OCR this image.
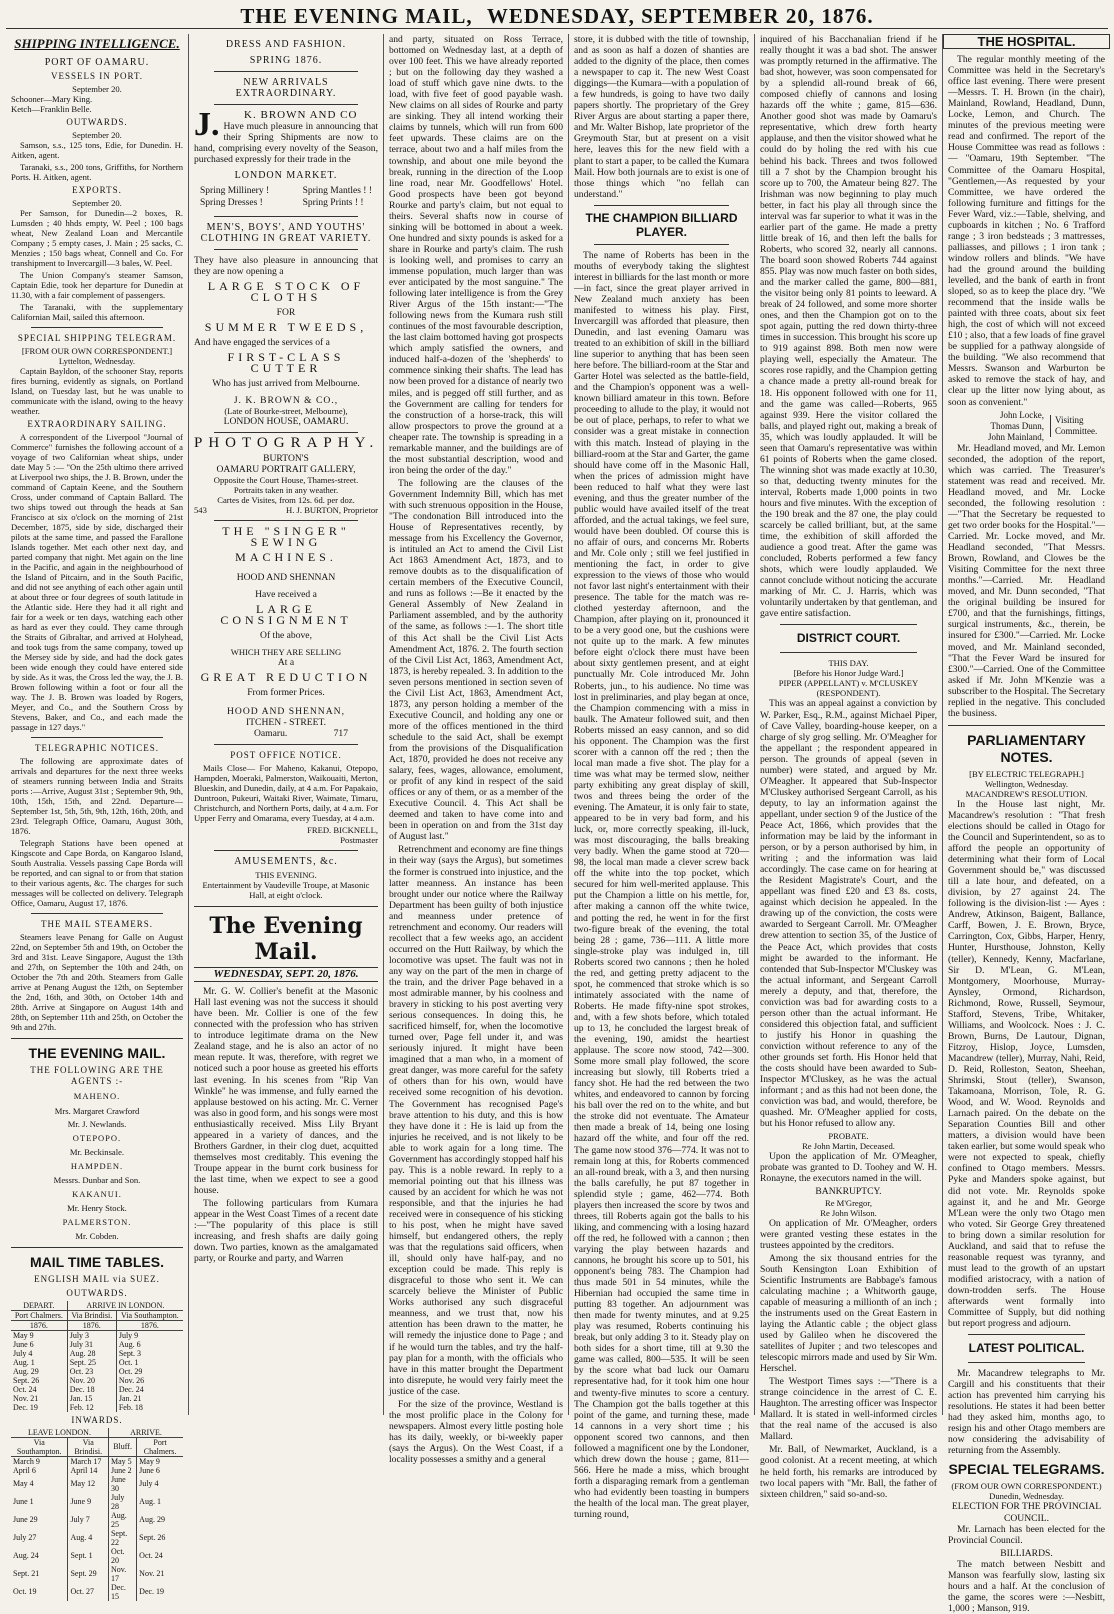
THE EVENING MAIL, WEDNESDAY, SEPTEMBER 20, 1876.
SHIPPING INTELLIGENCE.
PORT OF OAMARU.
VESSELS IN PORT.
September 20.
Schooner—Mary King.
Ketch—Franklin Belle.
OUTWARDS.
September 20.

Samson, s.s., 125 tons, Edie, for Dunedin. H. Aitken, agent.

Taranaki, s.s., 200 tons, Griffiths, for Northern Ports. H. Aitken, agent.

EXPORTS.
September 20.

Per Samson, for Dunedin—2 boxes, R. Lumsden ; 40 hhds empty, W. Peel ; 100 bags wheat, New Zealand Loan and Mercantile Company ; 5 empty cases, J. Main ; 25 sacks, C. Menzies ; 150 bags wheat, Connell and Co. For transhipment to Invercargill—3 bales, W. Peel.

The Union Company's steamer Samson, Captain Edie, took her departure for Dunedin at 11.30, with a fair complement of passengers.

The Taranaki, with the supplementary Californian Mail, sailed this afternoon.

SPECIAL SHIPPING TELEGRAM.
[FROM OUR OWN CORRESPONDENT.]
Lyttelton, Wednesday.

Captain Bayldon, of the schooner Stay, reports fires burning, evidently as signals, on Portland Island, on Tuesday last, but he was unable to communicate with the island, owing to the heavy weather.

EXTRAORDINARY SAILING.

A correspondent of the Liverpool "Journal of Commerce" furnishes the following account of a voyage of two Californian wheat ships, under date May 5 :— "On the 25th ultimo there arrived at Liverpool two ships, the J. B. Brown, under the command of Captain Keene, and the Southern Cross, under command of Captain Ballard. The two ships towed out through the heads at San Francisco at six o'clock on the morning of 21st December, 1875, side by side, discharged their pilots at the same time, and passed the Farallone Islands together. Met each other next day, and parted company that night. Met again on the line in the Pacific, and again in the neighbourhood of the Island of Pitcairn, and in the South Pacific, and did not see anything of each other again until at about three or four degrees of south latitude in the Atlantic side. Here they had it all right and fair for a week or ten days, watching each other as hard as ever they could. They came through the Straits of Gibraltar, and arrived at Holyhead, and took tugs from the same company, towed up the Mersey side by side, and had the dock gates been wide enough they could have entered side by side. As it was, the Cross led the way, the J. B. Brown following within a foot or four all the way. The J. B. Brown was loaded by Rogers, Meyer, and Co., and the Southern Cross by Stevens, Baker, and Co., and each made the passage in 127 days."

TELEGRAPHIC NOTICES.

The following are approximate dates of arrivals and departures for the next three weeks of steamers running between India and Straits ports :—Arrive, August 31st ; September 9th, 9th, 10th, 15th, 15th, and 22nd. Departure—September 1st, 5th, 5th, 9th, 12th, 16th, 20th, and 23rd. Telegraph Office, Oamaru, August 30th, 1876.

Telegraph Stations have been opened at Kingscote and Cape Borda, on Kangaroo Island, South Australia. Vessels passing Cape Borda will be reported, and can signal to or from that station to their various agents, &c. The charges for such messages will be collected on delivery. Telegraph Office, Oamaru, August 17, 1876.

THE MAIL STEAMERS.

Steamers leave Penang for Galle on August 22nd, on September 5th and 19th, on October the 3rd and 31st. Leave Singapore, August the 13th and 27th, on September the 10th and 24th, on October the 7th and 20th. Steamers from Galle arrive at Penang August the 12th, on September the 2nd, 16th, and 30th, on October 14th and 28th. Arrive at Singapore on August 14th and 28th, on September 11th and 25th, on October the 9th and 27th.

THE EVENING MAIL.
THE FOLLOWING ARE THE AGENTS :-
MAHENO.
Mrs. Margaret Crawford
Mr. J. Newlands.
OTEPOPO.
Mr. Beckinsale.
HAMPDEN.
Messrs. Dunbar and Son.
KAKANUI.
Mr. Henry Stock.
PALMERSTON.
Mr. Cobden.
MAIL TIME TABLES.
ENGLISH MAIL via SUEZ.
OUTWARDS.
DEPART.	ARRIVE IN LONDON.	
Port Chalmers.	Via Brindisi.	Via Southampton.
1876.	1876.	1876.
May 9	July 3	July 9
June 6	July 31	Aug. 6
July 4	Aug. 28	Sept. 3
Aug. 1	Sept. 25	Oct. 1
Aug. 29	Oct. 23	Oct. 29
Sept. 26	Nov. 20	Nov. 26
Oct. 24	Dec. 18	Dec. 24
Nov. 21	Jan. 15	Jan. 21
Dec. 19	Feb. 12	Feb. 18
INWARDS.
LEAVE LONDON.		ARRIVE.	
Via Southampton.	Via Brindisi.	Bluff.	Port Chalmers.
March 9	March 17	May 5	May 9
April 6	April 14	June 2	June 6
May 4	May 12	June 30	July 4
June 1	June 9	July 28	Aug. 1
June 29	July 7	Aug. 25	Aug. 29
July 27	Aug. 4	Sept. 22	Sept. 26
Aug. 24	Sept. 1	Oct. 20	Oct. 24
Sept. 21	Sept. 29	Nov. 17	Nov. 21
Oct. 19	Oct. 27	Dec. 15	Dec. 19
DRESS AND FASHION.
SPRING 1876.
NEW ARRIVALS EXTRAORDINARY.
J.	K. BROWN AND CO

Have much pleasure in announcing that their Spring Shipments are now to hand, comprising every novelty of the Season, purchased expressly for their trade in the

LONDON MARKET.
Spring Millinery !
Spring Dresses !
Spring Mantles ! !
Spring Prints ! !
MEN'S, BOYS', AND YOUTHS' CLOTHING IN GREAT VARIETY.

They have also pleasure in announcing that they are now opening a

LARGE STOCK OF CLOTHS
FOR
SUMMER TWEEDS,

And have engaged the services of a

FIRST-CLASS CUTTER
Who has just arrived from Melbourne.
J. K. BROWN & CO.,
(Late of Bourke-street, Melbourne),
LONDON HOUSE, OAMARU.
PHOTOGRAPHY.
BURTON'S
OAMARU PORTRAIT GALLERY,
Opposite the Court House, Thames-street.
Portraits taken in any weather.
Cartes de Visites, from 12s. 6d. per doz.
543	H. J. BURTON, Proprietor
THE "SINGER" SEWING
MACHINES.
HOOD AND SHENNAN
Have received a
LARGE CONSIGNMENT
Of the above,
WHICH THEY ARE SELLING
At a
GREAT REDUCTION
From former Prices.
HOOD AND SHENNAN,
ITCHEN - STREET.
Oamaru.	717
POST OFFICE NOTICE.

Mails Close— For Maheno, Kakanui, Otepopo, Hampden, Moeraki, Palmerston, Waikouaiti, Merton, Blueskin, and Dunedin, daily, at 4 a.m. For Papakaio, Duntroon, Pukeuri, Waitaki River, Waimate, Timaru, Christchurch, and Northern Ports, daily, at 4 a.m. For Upper Ferry and Omarama, every Tuesday, at 4 a.m.

FRED. BICKNELL,
Postmaster
AMUSEMENTS, &c.
THIS EVENING.
Entertainment by Vaudeville Troupe, at Masonic Hall, at eight o'clock.
The Evening Mail.
WEDNESDAY, SEPT. 20, 1876.

Mr. G. W. Collier's benefit at the Masonic Hall last evening was not the success it should have been. Mr. Collier is one of the few connected with the profession who has striven to introduce legitimate drama on the New Zealand stage, and he is also an actor of no mean repute. It was, therefore, with regret we noticed such a poor house as greeted his efforts last evening. In his scenes from "Rip Van Winkle" he was immense, and fully earned the applause bestowed on his acting. Mr. C. Verner was also in good form, and his songs were most enthusiastically received. Miss Lily Bryant appeared in a variety of dances, and the Brothers Gardner, in their clog duet, acquitted themselves most creditably. This evening the Troupe appear in the burnt cork business for the last time, when we expect to see a good house.

The following particulars from Kumara appear in the West Coast Times of a recent date :—"The popularity of this place is still increasing, and fresh shafts are daily going down. Two parties, known as the amalgamated party, or Rourke and party, and Warren

and party, situated on Ross Terrace, bottomed on Wednesday last, at a depth of over 100 feet. This we have already reported ; but on the following day they washed a load of stuff which gave nine dwts. to the load, with five feet of good payable wash. New claims on all sides of Rourke and party are sinking. They all intend working their claims by tunnels, which will run from 600 feet upwards. These claims are on the terrace, about two and a half miles from the township, and about one mile beyond the break, running in the direction of the Loop line road, near Mr. Goodfellows' Hotel. Good prospects have been got beyond Rourke and party's claim, but not equal to theirs. Several shafts now in course of sinking will be bottomed in about a week. One hundred and sixty pounds is asked for a share in Rourke and party's claim. The rush is looking well, and promises to carry an immense population, much larger than was ever anticipated by the most sanguine." The following later intelligence is from the Grey River Argus of the 15th instant:—"The following news from the Kumara rush still continues of the most favourable description, the last claim bottomed having got prospects which amply satisfied the owners, and induced half-a-dozen of the 'shepherds' to commence sinking their shafts. The lead has now been proved for a distance of nearly two miles, and is pegged off still further, and as the Government are calling for tenders for the construction of a horse-track, this will allow prospectors to prove the ground at a cheaper rate. The township is spreading in a remarkable manner, and the buildings are of the most substantial description, wood and iron being the order of the day."

The following are the clauses of the Government Indemnity Bill, which has met with such strenuous opposition in the House, "The condonation Bill introduced into the House of Representatives recently, by message from his Excellency the Governor, is intituled an Act to amend the Civil List Act 1863 Amendment Act, 1873, and to remove doubts as to the disqualification of certain members of the Executive Council, and runs as follows :—Be it enacted by the General Assembly of New Zealand in Parliament assembled, and by the authority of the same, as follows :—1. The short title of this Act shall be the Civil List Acts Amendment Act, 1876. 2. The fourth section of the Civil List Act, 1863, Amendment Act, 1873, is hereby repealed. 3. In addition to the seven persons mentioned in section seven of the Civil List Act, 1863, Amendment Act, 1873, any person holding a member of the Executive Council, and holding any one or more of the offices mentioned in the third schedule to the said Act, shall be exempt from the provisions of the Disqualification Act, 1870, provided he does not receive any salary, fees, wages, allowance, emolument, or profit of any kind in respect of the said offices or any of them, or as a member of the Executive Council. 4. This Act shall be deemed and taken to have come into and been in operation on and from the 31st day of August last."

Retrenchment and economy are fine things in their way (says the Argus), but sometimes the former is construed into injustice, and the latter meanness. An instance has been brought under our notice where the Railway Department has been guilty of both injustice and meanness under pretence of retrenchment and economy. Our readers will recollect that a few weeks ago, an accident occurred on the Hutt Railway, by which the locomotive was upset. The fault was not in any way on the part of the men in charge of the train, and the driver Page behaved in a most admirable manner, by his coolness and bravery in sticking to his post averting very serious consequences. In doing this, he sacrificed himself, for, when the locomotive turned over, Page fell under it, and was seriously injured. It might have been imagined that a man who, in a moment of great danger, was more careful for the safety of others than for his own, would have received some recognition of his devotion. The Government has recognised Page's brave attention to his duty, and this is how they have done it : He is laid up from the injuries he received, and is not likely to be able to work again for a long time. The Government has accordingly stopped half his pay. This is a noble reward. In reply to a memorial pointing out that his illness was caused by an accident for which he was not responsible, and that the injuries he had received were in consequence of his sticking to his post, when he might have saved himself, but endangered others, the reply was that the regulations said officers, when ill, should only have half-pay, and no exception could be made. This reply is disgraceful to those who sent it. We can scarcely believe the Minister of Public Works authorised any such disgraceful meanness, and we trust that, now his attention has been drawn to the matter, he will remedy the injustice done to Page ; and if he would turn the tables, and try the half-pay plan for a month, with the officials who have in this matter brought the Department into disrepute, he would very fairly meet the justice of the case.

For the size of the province, Westland is the most prolific place in the Colony for newspapers. Almost every little posting hole has its daily, weekly, or bi-weekly paper (says the Argus). On the West Coast, if a locality possesses a smithy and a general

store, it is dubbed with the title of township, and as soon as half a dozen of shanties are added to the dignity of the place, then comes a newspaper to cap it. The new West Coast diggings—the Kumara—with a population of a few hundreds, is going to have two daily papers shortly. The proprietary of the Grey River Argus are about starting a paper there, and Mr. Walter Bishop, late proprietor of the Greymouth Star, but at present on a visit here, leaves this for the new field with a plant to start a paper, to be called the Kumara Mail. How both journals are to exist is one of those things which "no fellah can understand."

THE CHAMPION BILLIARD PLAYER.

The name of Roberts has been in the mouths of everybody taking the slightest interest in billiards for the last month or more—in fact, since the great player arrived in New Zealand much anxiety has been manifested to witness his play. First, Invercargill was afforded that pleasure, then Dunedin, and last evening Oamaru was treated to an exhibition of skill in the billiard line superior to anything that has been seen here before. The billiard-room at the Star and Garter Hotel was selected as the battle-field, and the Champion's opponent was a well-known billiard amateur in this town. Before proceeding to allude to the play, it would not be out of place, perhaps, to refer to what we consider was a great mistake in connection with this match. Instead of playing in the billiard-room at the Star and Garter, the game should have come off in the Masonic Hall, when the prices of admission might have been reduced to half what they were last evening, and thus the greater number of the public would have availed itself of the treat afforded, and the actual takings, we feel sure, would have been doubled. Of course this is no affair of ours, and concerns Mr. Roberts and Mr. Cole only ; still we feel justified in mentioning the fact, in order to give expression to the views of those who would not favor last night's entertainment with their presence. The table for the match was re-clothed yesterday afternoon, and the Champion, after playing on it, pronounced it to be a very good one, but the cushions were not quite up to the mark. A few minutes before eight o'clock there must have been about sixty gentlemen present, and at eight punctually Mr. Cole introduced Mr. John Roberts, jun., to his audience. No time was lost in preliminaries, and play began at once, the Champion commencing with a miss in baulk. The Amateur followed suit, and then Roberts missed an easy cannon, and so did his opponent. The Champion was the first scorer with a cannon off the red ; then the local man made a five shot. The play for a time was what may be termed slow, neither party exhibiting any great display of skill, twos and threes being the order of the evening. The Amateur, it is only fair to state, appeared to be in very bad form, and his luck, or, more correctly speaking, ill-luck, was most discouraging, the balls breaking very badly. When the game stood at 720—98, the local man made a clever screw back off the white into the top pocket, which secured for him well-merited applause. This put the Champion a little on his mettle, for, after making a cannon off the white twice, and potting the red, he went in for the first two-figure break of the evening, the total being 28 ; game, 736—111. A little more single-stroke play was indulged in, till Roberts scored two cannons ; then he holed the red, and getting pretty adjacent to the spot, he commenced that stroke which is so intimately associated with the name of Roberts. He made fifty-nine spot strokes, and, with a few shots before, which totaled up to 13, he concluded the largest break of the evening, 190, amidst the heartiest applause. The score now stood, 742—300. Some more small play followed, the score increasing but slowly, till Roberts tried a fancy shot. He had the red between the two whites, and endeavored to cannon by forcing his ball over the red on to the white, and but the stroke did not eventuate. The Amateur then made a break of 14, being one losing hazard off the white, and four off the red. The game now stood 376—774. It was not to remain long at this, for Roberts commenced an all-round break, with a 3, and then nursing the balls carefully, he put 87 together in splendid style ; game, 462—774. Both players then increased the score by twos and threes, till Roberts again got the balls to his liking, and commencing with a losing hazard off the red, he followed with a cannon ; then varying the play between hazards and cannons, he brought his score up to 501, his opponent's being 783. The Champion had thus made 501 in 54 minutes, while the Hibernian had occupied the same time in putting 83 together. An adjournment was then made for twenty minutes, and at 9.25 play was resumed, Roberts continuing his break, but only adding 3 to it. Steady play on both sides for a short time, till at 9.30 the game was called, 800—535. It will be seen by the score what bad luck our Oamaru representative had, for it took him one hour and twenty-five minutes to score a century. The Champion got the balls together at this point of the game, and turning these, made 14 cannons in a very short time ; his opponent scored two cannons, and then followed a magnificent one by the Londoner, which drew down the house ; game, 811—566. Here he made a miss, which brought forth a disparaging remark from a gentleman who had evidently been toasting in bumpers the health of the local man. The great player, turning round,

inquired of his Bacchanalian friend if he really thought it was a bad shot. The answer was promptly returned in the affirmative. The bad shot, however, was soon compensated for by a splendid all-round break of 66, composed chiefly of cannons and losing hazards off the white ; game, 815—636. Another good shot was made by Oamaru's representative, which drew forth hearty applause, and then the visitor showed what he could do by holing the red with his cue behind his back. Threes and twos followed till a 7 shot by the Champion brought his score up to 700, the Amateur being 827. The Irishman was now beginning to play much better, in fact his play all through since the interval was far superior to what it was in the earlier part of the game. He made a pretty little break of 16, and then left the balls for Roberts, who scored 32, nearly all cannons. The board soon showed Roberts 744 against 855. Play was now much faster on both sides, and the marker called the game, 800—881, the visitor being only 81 points to leeward. A break of 24 followed, and some more shorter ones, and then the Champion got on to the spot again, putting the red down thirty-three times in succession. This brought his score up to 919 against 898. Both men now were playing well, especially the Amateur. The scores rose rapidly, and the Champion getting a chance made a pretty all-round break for 18. His opponent followed with one for 11, and the game was called—Roberts, 965 against 939. Here the visitor collared the balls, and played right out, making a break of 35, which was loudly applauded. It will be seen that Oamaru's representative was within 61 points of Roberts when the game closed. The winning shot was made exactly at 10.30, so that, deducting twenty minutes for the interval, Roberts made 1,000 points in two hours and five minutes. With the exception of the 190 break and the 87 one, the play could scarcely be called brilliant, but, at the same time, the exhibition of skill afforded the audience a good treat. After the game was concluded, Roberts performed a few fancy shots, which were loudly applauded. We cannot conclude without noticing the accurate marking of Mr. C. J. Harris, which was voluntarily undertaken by that gentleman, and gave entire satisfaction.

DISTRICT COURT.
THIS DAY.
[Before his Honor Judge Ward.]
PIPER (APPELLANT) v. M'CLUSKEY (RESPONDENT).

This was an appeal against a conviction by W. Parker, Esq., R.M., against Michael Piper, of Cave Valley, boarding-house keeper, on a charge of sly grog selling. Mr. O'Meagher for the appellant ; the respondent appeared in person. The grounds of appeal (seven in number) were stated, and argued by Mr. O'Meagher. It appeared that Sub-Inspector M'Cluskey authorised Sergeant Carroll, as his deputy, to lay an information against the appellant, under section 9 of the Justice of the Peace Act, 1866, which provides that the information may be laid by the informant in person, or by a person authorised by him, in writing ; and the information was laid accordingly. The case came on for hearing at the Resident Magistrate's Court, and the appellant was fined £20 and £3 8s. costs, against which decision he appealed. In the drawing up of the conviction, the costs were awarded to Sergeant Carroll. Mr. O'Meagher drew attention to section 35, of the Justice of the Peace Act, which provides that costs might be awarded to the informant. He contended that Sub-Inspector M'Cluskey was the actual informant, and Sergeant Carroll merely a deputy, and that, therefore, the conviction was bad for awarding costs to a person other than the actual informant. He considered this objection fatal, and sufficient to justify his Honor in quashing the conviction without reference to any of the other grounds set forth. His Honor held that the costs should have been awarded to Sub-Inspector M'Cluskey, as he was the actual informant ; and as this had not been done, the conviction was bad, and would, therefore, be quashed. Mr. O'Meagher applied for costs, but his Honor refused to allow any.

PROBATE.
Re John Martin, Deceased.

Upon the application of Mr. O'Meagher, probate was granted to D. Toohey and W. H. Ronayne, the executors named in the will.

BANKRUPTCY.
Re M'Gregor,
Re John Wilson.

On application of Mr. O'Meagher, orders were granted vesting these estates in the trustees appointed by the creditors.

Among the six thousand entries for the South Kensington Loan Exhibition of Scientific Instruments are Babbage's famous calculating machine ; a Whitworth gauge, capable of measuring a millionth of an inch ; the instruments used on the Great Eastern in laying the Atlantic cable ; the object glass used by Galileo when he discovered the satellites of Jupiter ; and two telescopes and telescopic mirrors made and used by Sir Wm. Herschel.

The Westport Times says :—"There is a strange coincidence in the arrest of C. E. Haughton. The arresting officer was Inspector Mallard. It is stated in well-informed circles that the real name of the accused is also Mallard.

Mr. Ball, of Newmarket, Auckland, is a good colonist. At a recent meeting, at which he held forth, his remarks are introduced by two local papers with "Mr. Ball, the father of sixteen children," said so-and-so.

THE HOSPITAL.

The regular monthly meeting of the Committee was held in the Secretary's office last evening. There were present—Messrs. T. H. Brown (in the chair), Mainland, Rowland, Headland, Dunn, Locke, Lemon, and Church. The minutes of the previous meeting were read and confirmed. The report of the House Committee was read as follows :— "Oamaru, 19th September. "The Committee of the Oamaru Hospital, "Gentlemen,—As requested by your Committee, we have ordered the following furniture and fittings for the Fever Ward, viz.:—Table, shelving, and cupboards in kitchen ; No. 6 Trafford range ; 3 iron bedsteads ; 3 mattresses, palliasses, and pillows ; 1 iron tank ; window rollers and blinds. "We have had the ground around the building levelled, and the bank of earth in front sloped, so as to keep the place dry. "We recommend that the inside walls be painted with three coats, about six feet high, the cost of which will not exceed £10 ; also, that a few loads of fine gravel be supplied for a pathway alongside of the building. "We also recommend that Messrs. Swanson and Warburton be asked to remove the stack of hay, and clear up the litter now lying about, as soon as convenient."

John Locke,
Thomas Dunn,
John Mainland,
Visiting Committee.

Mr. Headland moved, and Mr. Lemon seconded, the adoption of the report, which was carried. The Treasurer's statement was read and received. Mr. Headland moved, and Mr. Locke seconded, the following resolution :—"That the Secretary be requested to get two order books for the Hospital."—Carried. Mr. Locke moved, and Mr. Headland seconded, "That Messrs. Brown, Rowland, and Clowes be the Visiting Committee for the next three months."—Carried. Mr. Headland moved, and Mr. Dunn seconded, "That the original building be insured for £700, and that the furnishings, fittings, surgical instruments, &c., therein, be insured for £300."—Carried. Mr. Locke moved, and Mr. Mainland seconded, "That the Fever Ward be insured for £300."—Carried. One of the Committee asked if Mr. John M'Kenzie was a subscriber to the Hospital. The Secretary replied in the negative. This concluded the business.

PARLIAMENTARY NOTES.
[BY ELECTRIC TELEGRAPH.]
Wellington, Wednesday.
MACANDREW'S RESOLUTION.

In the House last night, Mr. Macandrew's resolution : "That fresh elections should be called in Otago for the Council and Superintendent, so as to afford the people an opportunity of determining what their form of Local Government should be," was discussed till a late hour, and defeated, on a division, by 27 against 24. The following is the division-list :— Ayes : Andrew, Atkinson, Baigent, Ballance, Carff, Bowen, J. E. Brown, Bryce, Carrington, Cox, Gibbs, Harper, Henry, Hunter, Hursthouse, Johnston, Kelly (teller), Kennedy, Kenny, Macfarlane, Sir D. M'Lean, G. M'Lean, Montgomery, Moorhouse, Murray-Aynsley, Ormond, Richardson, Richmond, Rowe, Russell, Seymour, Stafford, Stevens, Tribe, Whitaker, Williams, and Woolcock. Noes : J. C. Brown, Burns, De Lautour, Dignan, Fitzroy, Hislop, Joyce, Lumsden, Macandrew (teller), Murray, Nahi, Reid, D. Reid, Rolleston, Seaton, Sheehan, Shrimski, Stout (teller), Swanson, Takamoana, Morrison, Tole, R. G. Wood, and W. Wood. Reynolds and Larnach paired. On the debate on the Separation Counties Bill and other matters, a division would have been taken earlier, but some would speak who were not expected to speak, chiefly confined to Otago members. Messrs. Pyke and Manders spoke against, but did not vote. Mr. Reynolds spoke against it, and he and Mr. George M'Lean were the only two Otago men who voted. Sir George Grey threatened to bring down a similar resolution for Auckland, and said that to refuse the reasonable request was tyranny, and must lead to the growth of an upstart modified aristocracy, with a nation of down-trodden serfs. The House afterwards went formally into Committee of Supply, but did nothing but report progress and adjourn.

LATEST POLITICAL.

Mr. Macandrew telegraphs to Mr. Cargill and his constituents that their action has prevented him carrying his resolutions. He states it had been better had they asked him, months ago, to resign his and other Otago members are now considering the advisability of returning from the Assembly.

SPECIAL TELEGRAMS.
(FROM OUR OWN CORRESPONDENT.)
Dunedin, Wednesday.
ELECTION FOR THE PROVINCIAL COUNCIL.

Mr. Larnach has been elected for the Provincial Council.

BILLIARDS.

The match between Nesbitt and Manson was fearfully slow, lasting six hours and a half. At the conclusion of the game, the scores were :—Nesbitt, 1,000 ; Manson, 919.
